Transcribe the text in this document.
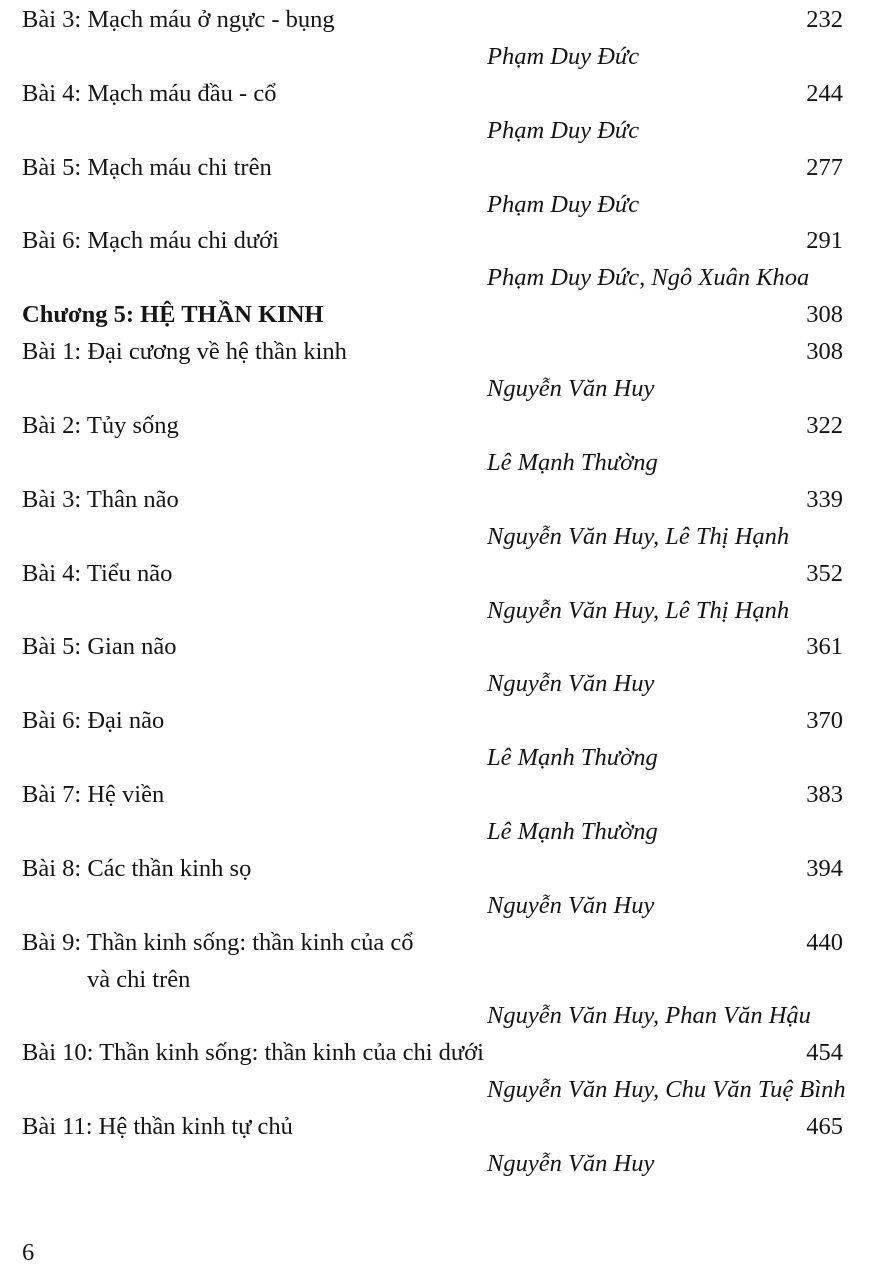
Bài 3: Mạch máu ở ngực - bụng	232
Phạm Duy Đức
Bài 4: Mạch máu đầu - cổ	244
Phạm Duy Đức
Bài 5: Mạch máu chi trên	277
Phạm Duy Đức
Bài 6: Mạch máu chi dưới	291
Phạm Duy Đức, Ngô Xuân Khoa
Chương 5: HỆ THẦN KINH	308
Bài 1: Đại cương về hệ thần kinh	308
Nguyễn Văn Huy
Bài 2: Tủy sống	322
Lê Mạnh Thường
Bài 3: Thân não	339
Nguyễn Văn Huy, Lê Thị Hạnh
Bài 4: Tiểu não	352
Nguyễn Văn Huy, Lê Thị Hạnh
Bài 5: Gian não	361
Nguyễn Văn Huy
Bài 6: Đại não	370
Lê Mạnh Thường
Bài 7: Hệ viền	383
Lê Mạnh Thường
Bài 8: Các thần kinh sọ	394
Nguyễn Văn Huy
Bài 9: Thần kinh sống: thần kinh của cổ	440
và chi trên
Nguyễn Văn Huy, Phan Văn Hậu
Bài 10: Thần kinh sống: thần kinh của chi dưới	454
Nguyễn Văn Huy, Chu Văn Tuệ Bình
Bài 11: Hệ thần kinh tự chủ	465
Nguyễn Văn Huy
6
